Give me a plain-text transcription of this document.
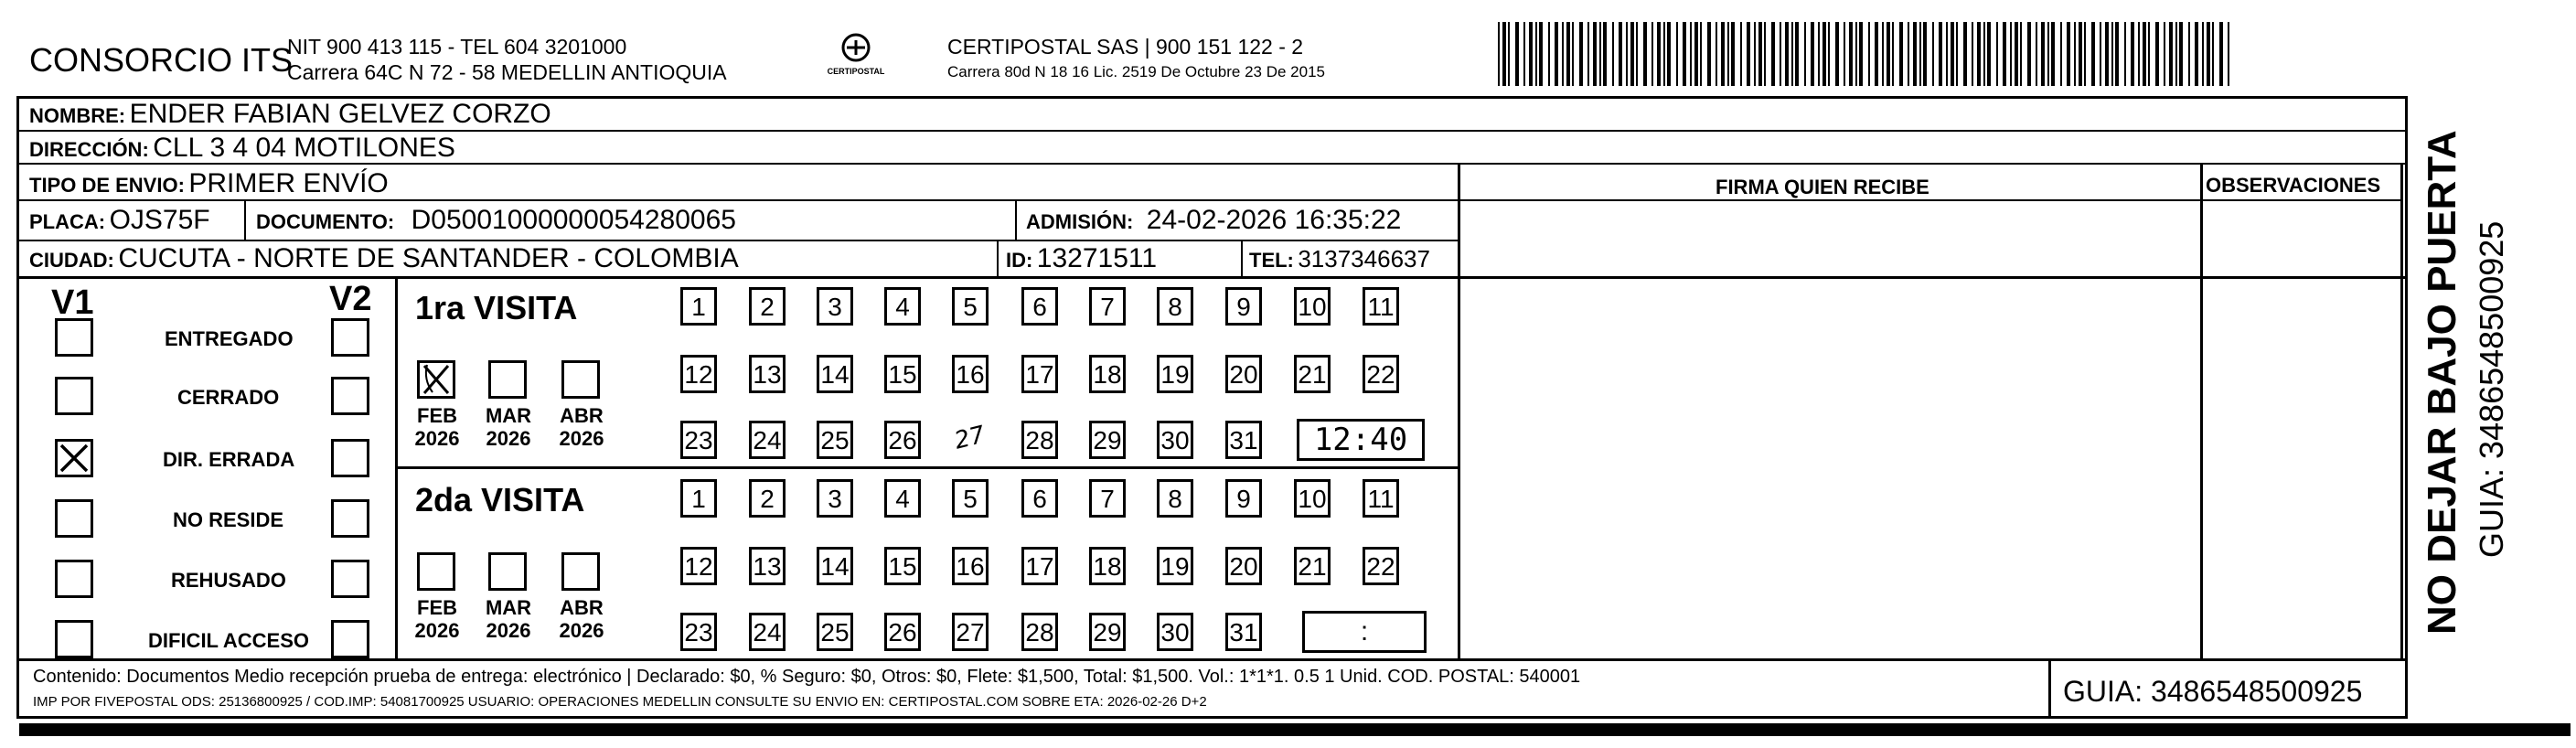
CONSORCIO ITS
NIT 900 413 115 - TEL 604 3201000
Carrera 64C N 72 - 58 MEDELLIN ANTIOQUIA	CERTIPOSTAL
CERTIPOSTAL SAS | 900 151 122 - 2
Carrera 80d N 18 16 Lic. 2519 De Octubre 23 De 2015
NOMBRE: ENDER FABIAN GELVEZ CORZO
DIRECCIÓN: CLL 3 4 04 MOTILONES
TIPO DE ENVIO: PRIMER ENVÍO
PLACA: OJS75F DOCUMENTO: D05001000000054280065	ADMISIÓN: 24-02-2026 16:35:22
CIUDAD: CUCUTA - NORTE DE SANTANDER - COLOMBIA	ID: 13271511	TEL: 3137346637
FIRMA QUIEN RECIBE	OBSERVACIONES
V1	V2
ENTREGADO
CERRADO
DIR. ERRADA
NO RESIDE
REHUSADO
DIFICIL ACCESO
1ra VISITA
2da VISITA
1	2	3	4	5	6	7	8	9	10 11
12 13 14 15 16 17 18 19 20 21 22
23 24 25 26 27 28 29 30 31	12:40
FEB
2026
MAR
2026
ABR
2026
1	2	3	4	5	6	7	8	9	10 11
12 13 14 15 16 17 18 19 20 21 22
23 24 25 26 27 28 29 30 31	:
FEB
2026
MAR
2026
ABR
2026
Contenido: Documentos Medio recepción prueba de entrega: electrónico | Declarado: $0, % Seguro: $0, Otros: $0, Flete: $1,500, Total: $1,500. Vol.: 1*1*1. 0.5 1 Unid. COD. POSTAL: 540001
IMP POR FIVEPOSTAL ODS: 25136800925 / COD.IMP: 54081700925 USUARIO: OPERACIONES MEDELLIN CONSULTE SU ENVIO EN: CERTIPOSTAL.COM SOBRE ETA: 2026-02-26 D+2	GUIA: 3486548500925
NO DEJAR BAJO PUERTA GUIA: 3486548500925
